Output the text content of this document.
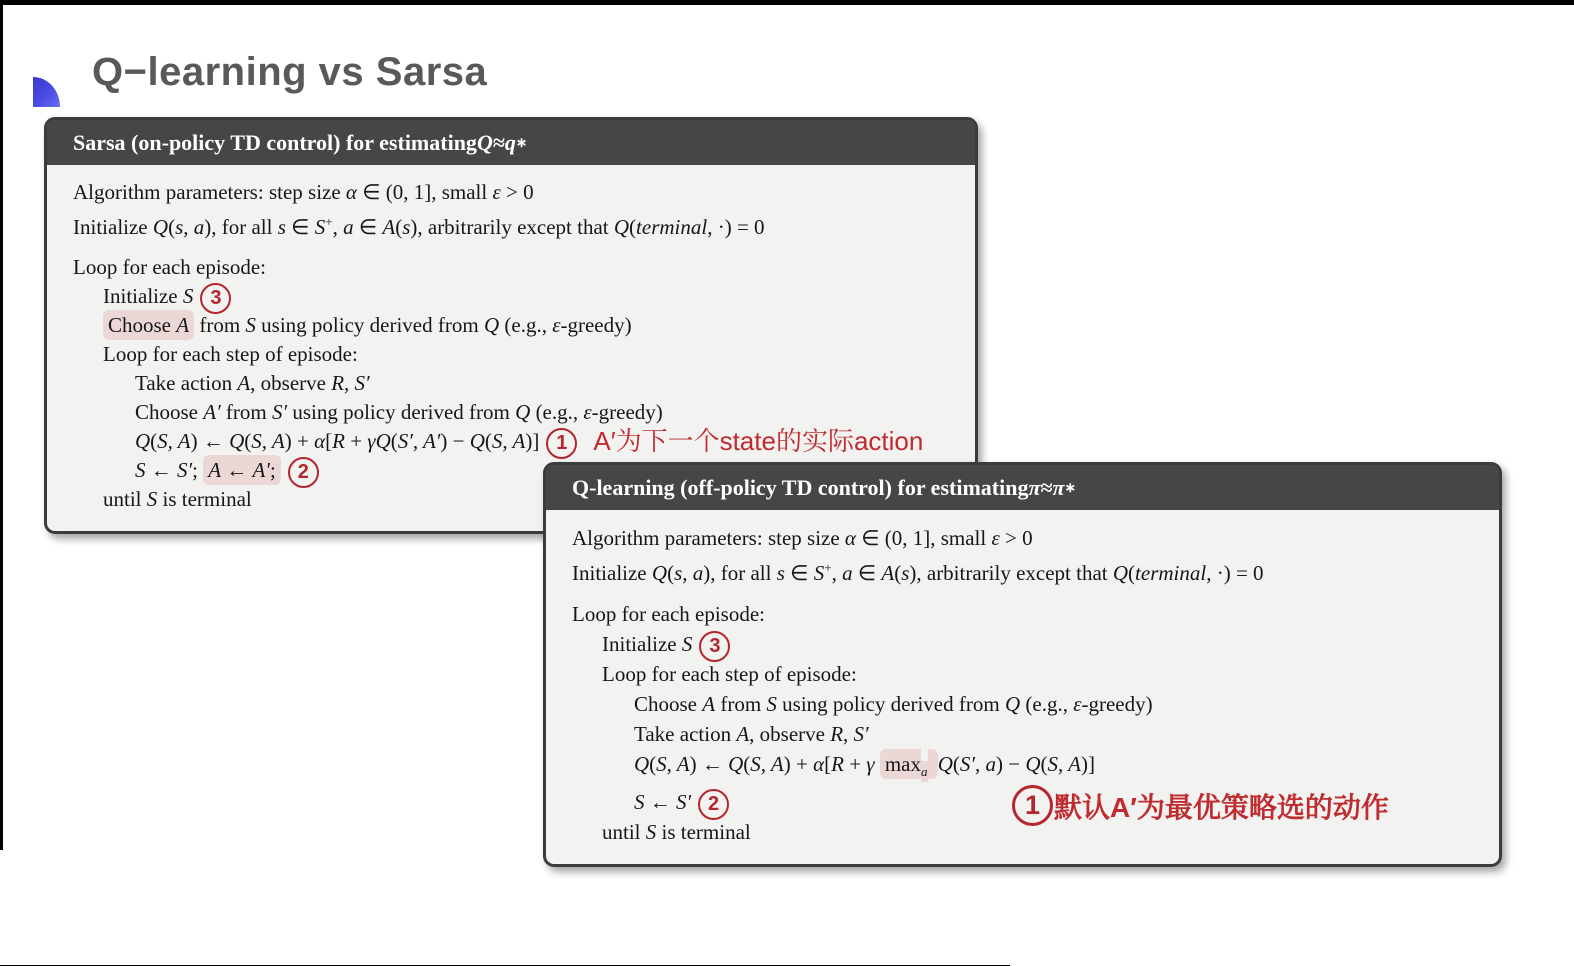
Q−learning vs Sarsa
Sarsa (on-policy TD control) for estimating Q ≈ q ∗
Algorithm parameters: step size α ∈ (0, 1], small ε > 0
Initialize Q(s, a), for all s ∈ S+, a ∈ A(s), arbitrarily except that Q(terminal, ·) = 0
Loop for each episode:
Initialize S 3
Choose A from S using policy derived from Q (e.g., ε-greedy)
Loop for each step of episode:
Take action A, observe R, S′
Choose A′ from S′ using policy derived from Q (e.g., ε-greedy)
Q(S, A) ← Q(S, A) + α[R + γQ(S′, A′) − Q(S, A)] 1 A′为下一个state的实际action
S ← S′; A ← A′; 2
until S is terminal	Q-learning (off-policy TD control) for estimating π ≈ π ∗
Algorithm parameters: step size α ∈ (0, 1], small ε > 0
Initialize Q(s, a), for all s ∈ S+, a ∈ A(s), arbitrarily except that Q(terminal, ·) = 0
Loop for each episode:
Initialize S 3
Loop for each step of episode:
Choose A from S using policy derived from Q (e.g., ε-greedy)
Take action A, observe R, S′
Q(S, A) ← Q(S, A) + α[R + γ $\max_a Q(S'$, a) − Q(S, A)]
S ← S′ 2
until S is terminal
1 默认A′为最优策略选的动作
